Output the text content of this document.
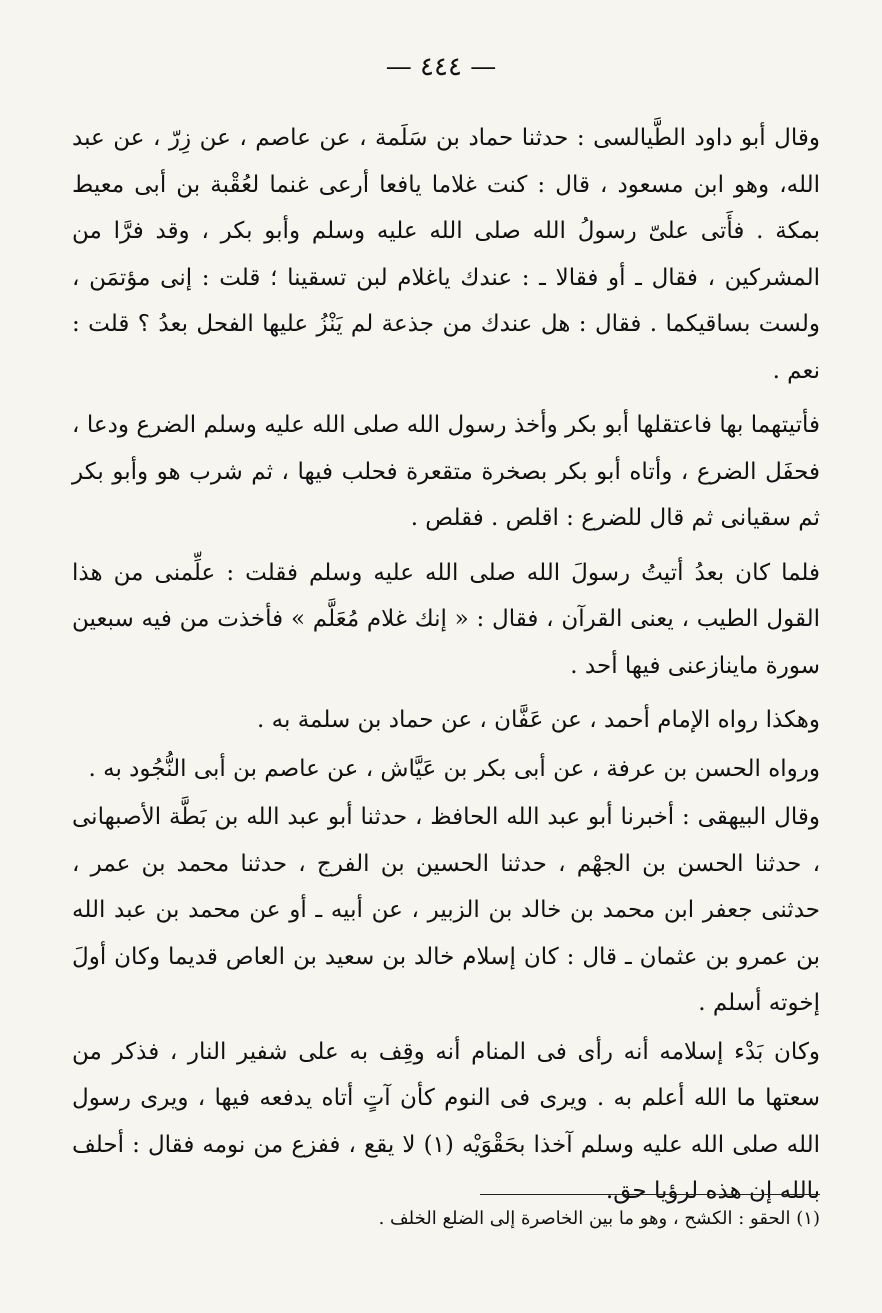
— ٤٤٤ —

وقال أبو داود الطَّيالسى : حدثنا حماد بن سَلَمة ، عن عاصم ، عن زِرّ ، عن عبد الله، وهو ابن مسعود ، قال : كنت غلاما يافعا أرعى غنما لعُقْبة بن أبى معيط بمكة . فأَتى علىّ رسولُ الله صلى الله عليه وسلم وأبو بكر ، وقد فرَّا من المشركين ، فقال ـ أو فقالا ـ : عندك ياغلام لبن تسقينا ؛ قلت : إنى مؤتمَن ، ولست بساقيكما . فقال : هل عندك من جذعة لم يَنْزُ عليها الفحل بعدُ ؟ قلت : نعم .

فأتيتهما بها فاعتقلها أبو بكر وأخذ رسول الله صلى الله عليه وسلم الضرع ودعا ، فحفَل الضرع ، وأتاه أبو بكر بصخرة متقعرة فحلب فيها ، ثم شرب هو وأبو بكر ثم سقيانى ثم قال للضرع : اقلص . فقلص .

فلما كان بعدُ أتيتُ رسولَ الله صلى الله عليه وسلم فقلت : علِّمنى من هذا القول الطيب ، يعنى القرآن ، فقال : « إنك غلام مُعَلَّم » فأخذت من فيه سبعين سورة ماينازعنى فيها أحد .

وهكذا رواه الإمام أحمد ، عن عَفَّان ، عن حماد بن سلمة به .

ورواه الحسن بن عرفة ، عن أبى بكر بن عَيَّاش ، عن عاصم بن أبى النُّجُود به .

وقال البيهقى : أخبرنا أبو عبد الله الحافظ ، حدثنا أبو عبد الله بن بَطَّة الأصبهانى ، حدثنا الحسن بن الجهْم ، حدثنا الحسين بن الفرج ، حدثنا محمد بن عمر ، حدثنى جعفر ابن محمد بن خالد بن الزبير ، عن أبيه ـ أو عن محمد بن عبد الله بن عمرو بن عثمان ـ قال : كان إسلام خالد بن سعيد بن العاص قديما وكان أولَ إخوته أسلم .

وكان بَدْء إسلامه أنه رأى فى المنام أنه وقِف به على شفير النار ، فذكر من سعتها ما الله أعلم به . ويرى فى النوم كأن آتٍ أتاه يدفعه فيها ، ويرى رسول الله صلى الله عليه وسلم آخذا بحَقْوَيْه (١) لا يقع ، ففزع من نومه فقال : أحلف بالله إن هذه لرؤيا حق.

(١) الحقو : الكشح ، وهو ما بين الخاصرة إلى الضلع الخلف .
